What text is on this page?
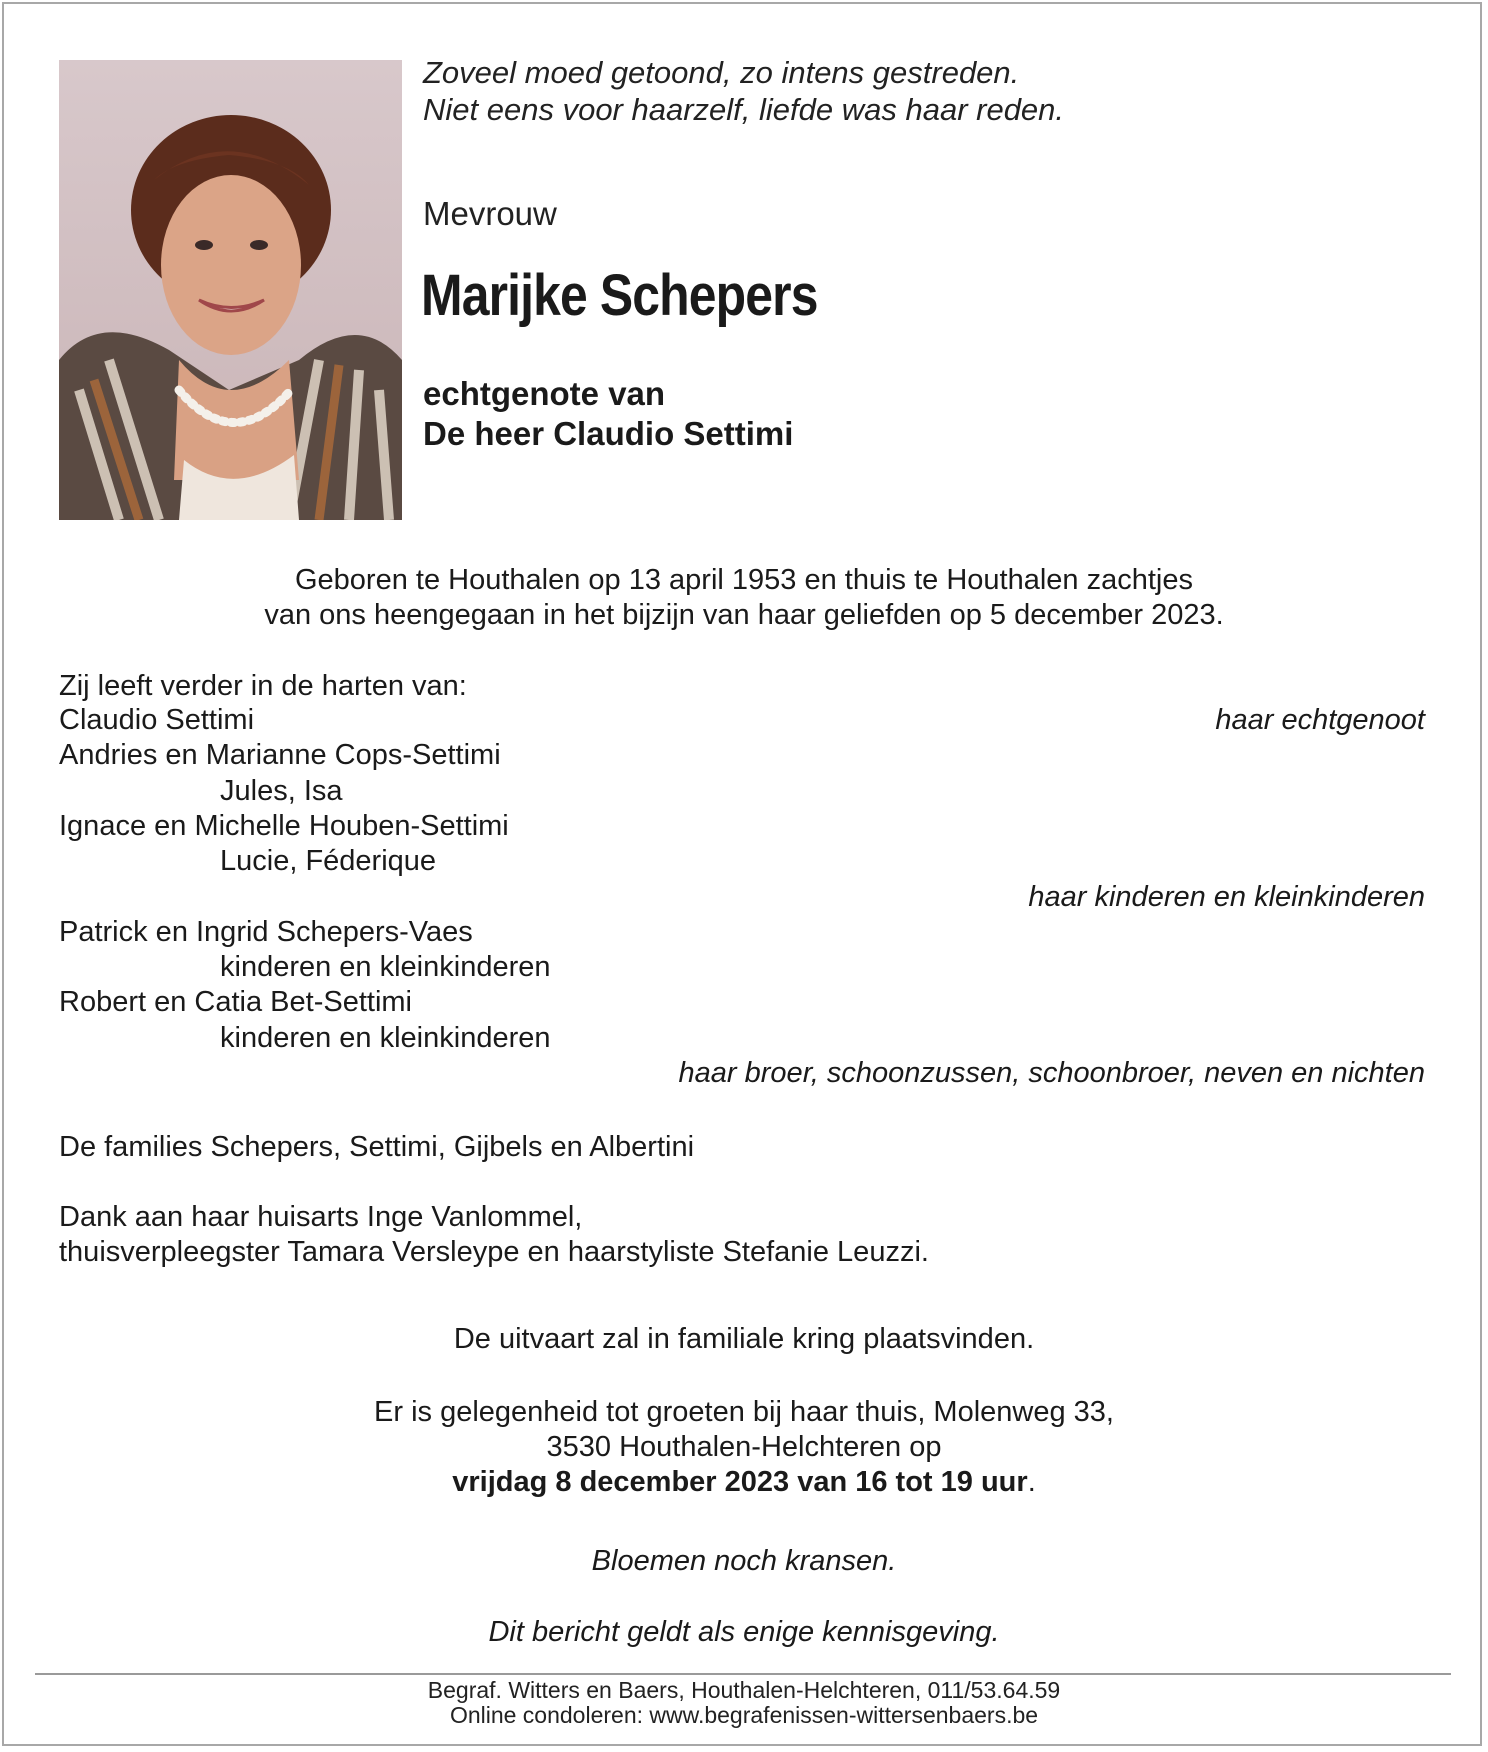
Zoveel moed getoond, zo intens gestreden.
Niet eens voor haarzelf, liefde was haar reden.
Mevrouw
Marijke Schepers
echtgenote van
De heer Claudio Settimi
Geboren te Houthalen op 13 april 1953 en thuis te Houthalen zachtjes
van ons heengegaan in het bijzijn van haar geliefden op 5 december 2023.
Zij leeft verder in de harten van:
Claudio Settimi	haar echtgenoot
Andries en Marianne Cops-Settimi
Jules, Isa
Ignace en Michelle Houben-Settimi
Lucie, Féderique
haar kinderen en kleinkinderen
Patrick en Ingrid Schepers-Vaes
kinderen en kleinkinderen
Robert en Catia Bet-Settimi
kinderen en kleinkinderen
haar broer, schoonzussen, schoonbroer, neven en nichten
De families Schepers, Settimi, Gijbels en Albertini
Dank aan haar huisarts Inge Vanlommel,
thuisverpleegster Tamara Versleype en haarstyliste Stefanie Leuzzi.
De uitvaart zal in familiale kring plaatsvinden.
Er is gelegenheid tot groeten bij haar thuis, Molenweg 33,
3530 Houthalen-Helchteren op
vrijdag 8 december 2023 van 16 tot 19 uur.
Bloemen noch kransen.
Dit bericht geldt als enige kennisgeving.
Begraf. Witters en Baers, Houthalen-Helchteren, 011/53.64.59
Online condoleren: www.begrafenissen-wittersenbaers.be
